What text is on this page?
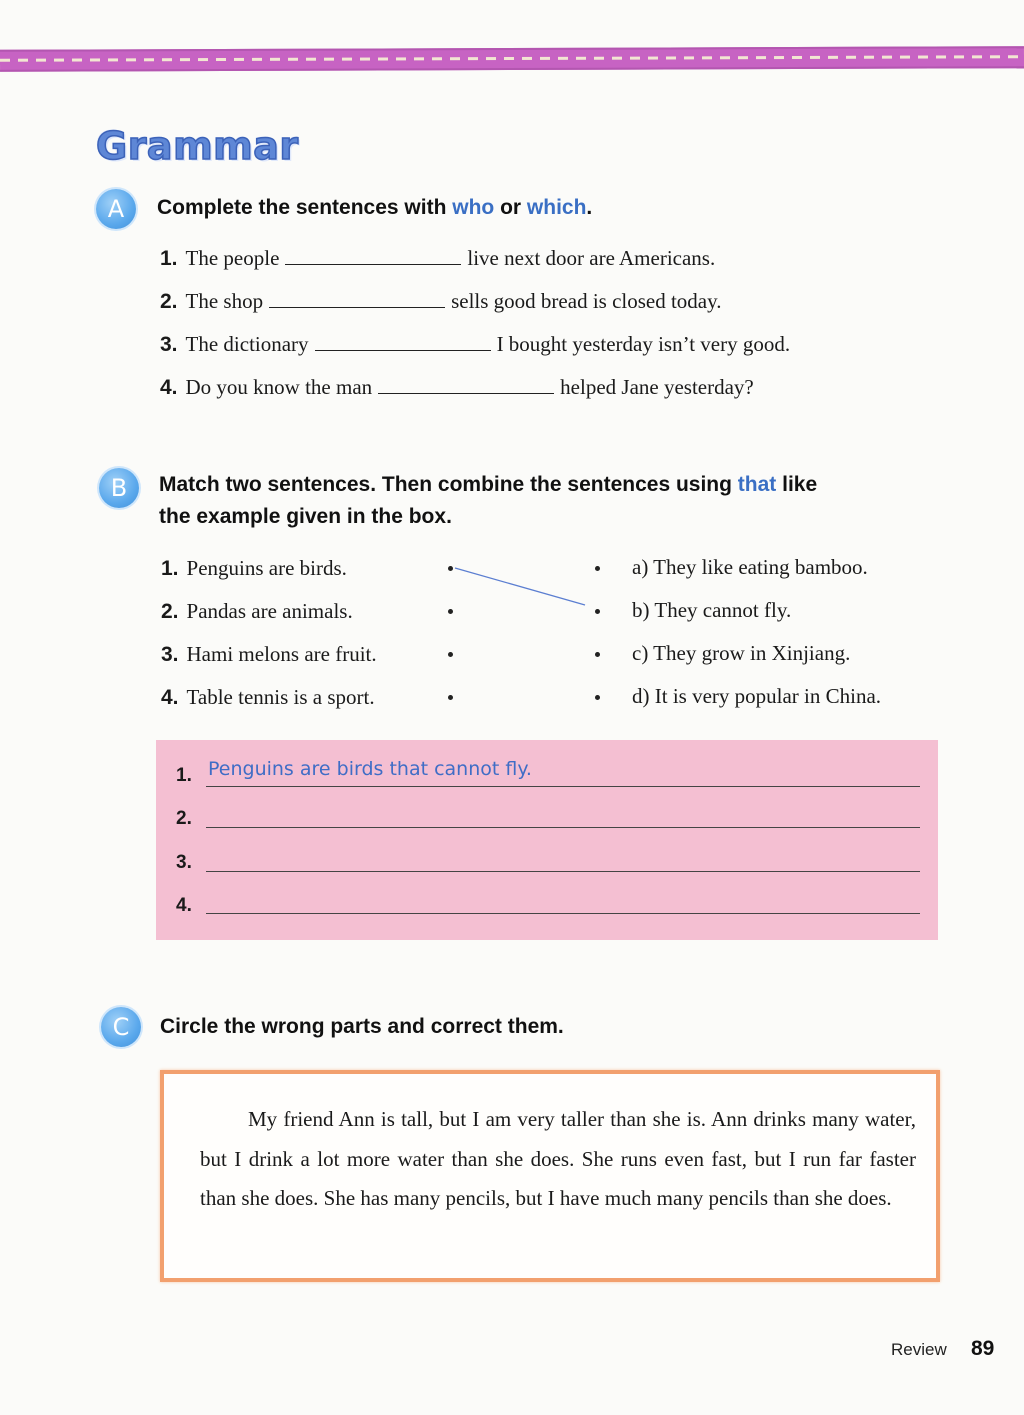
Grammar
A	Complete the sentences with who or which.
1. The people	live next door are Americans.
2. The shop	sells good bread is closed today.
3. The dictionary	I bought yesterday isn’t very good.
4. Do you know the man	helped Jane yesterday?
B	Match two sentences. Then combine the sentences using that like
the example given in the box.
1. Penguins are birds.
2. Pandas are animals.
3. Hami melons are fruit.
4. Table tennis is a sport.
a) They like eating bamboo.
b) They cannot fly.
c) They grow in Xinjiang.
d) It is very popular in China.
1. Penguins are birds that cannot fly.
2.
3.
4.
C	Circle the wrong parts and correct them.
My friend Ann is tall, but I am very taller than she is. Ann drinks many water, but I drink a lot more water than she does. She runs even fast, but I run far faster than she does. She has many pencils, but I have much many pencils than she does.
Review 89
